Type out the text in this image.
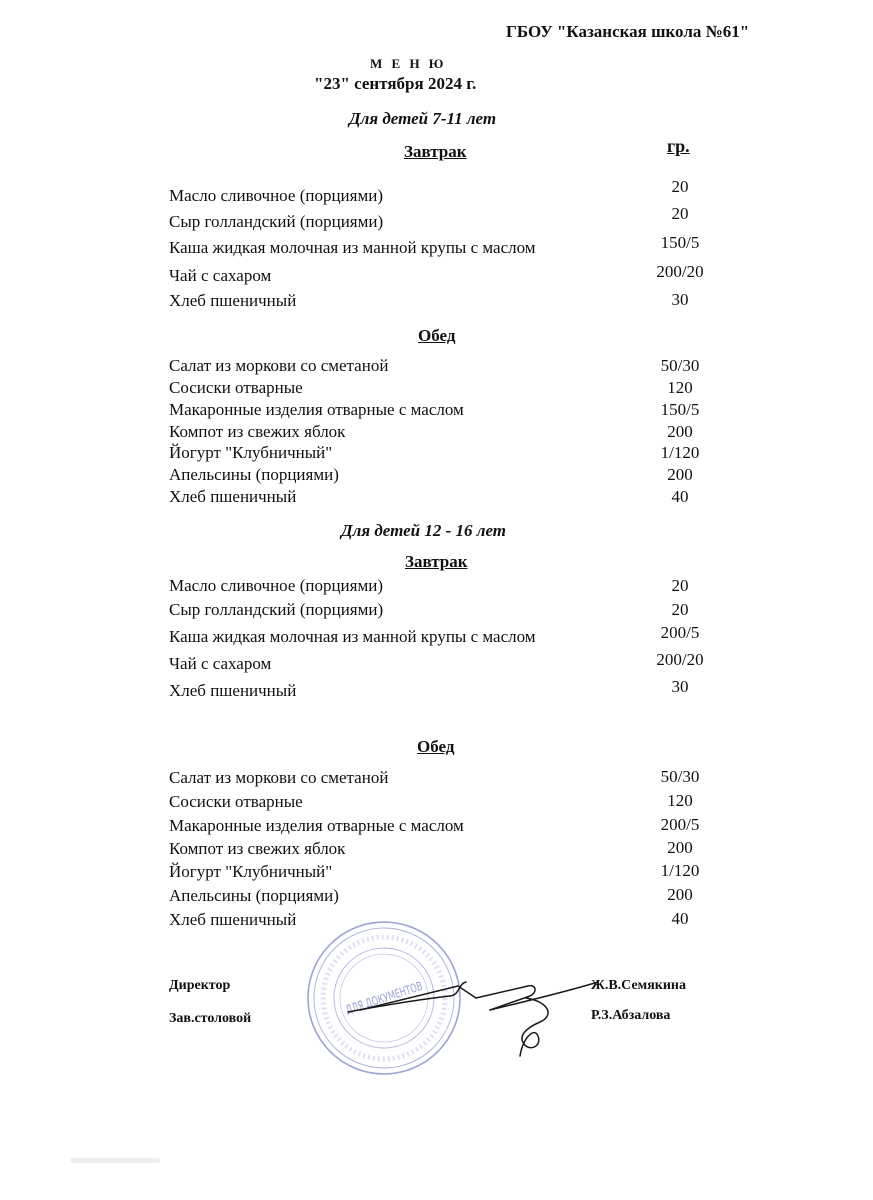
ГБОУ "Казанская школа №61"
М Е Н Ю
"23" сентября 2024 г.
Для детей 7-11 лет
Завтрак	гр.
Масло сливочное (порциями)	20
Сыр голландский (порциями)	20
Каша жидкая молочная из манной крупы с маслом	150/5
Чай с сахаром	200/20
Хлеб пшеничный	30
Обед
Салат из моркови со сметаной	50/30
Сосиски отварные	120
Макаронные изделия отварные с маслом	150/5
Компот из свежих яблок	200
Йогурт "Клубничный"	1/120
Апельсины (порциями)	200
Хлеб пшеничный	40
Для детей 12 - 16 лет
Завтрак
Масло сливочное (порциями)	20
Сыр голландский (порциями)	20
Каша жидкая молочная из манной крупы с маслом	200/5
Чай с сахаром	200/20
Хлеб пшеничный	30
Обед
Салат из моркови со сметаной	50/30
Сосиски отварные	120
Макаронные изделия отварные с маслом	200/5
Компот из свежих яблок	200
Йогурт "Клубничный"	1/120
Апельсины (порциями)	200
Хлеб пшеничный	40
ДЛЯ ДОКУМЕНТОВ
Директор	Ж.В.Семякина
Зав.столовой	Р.З.Абзалова
